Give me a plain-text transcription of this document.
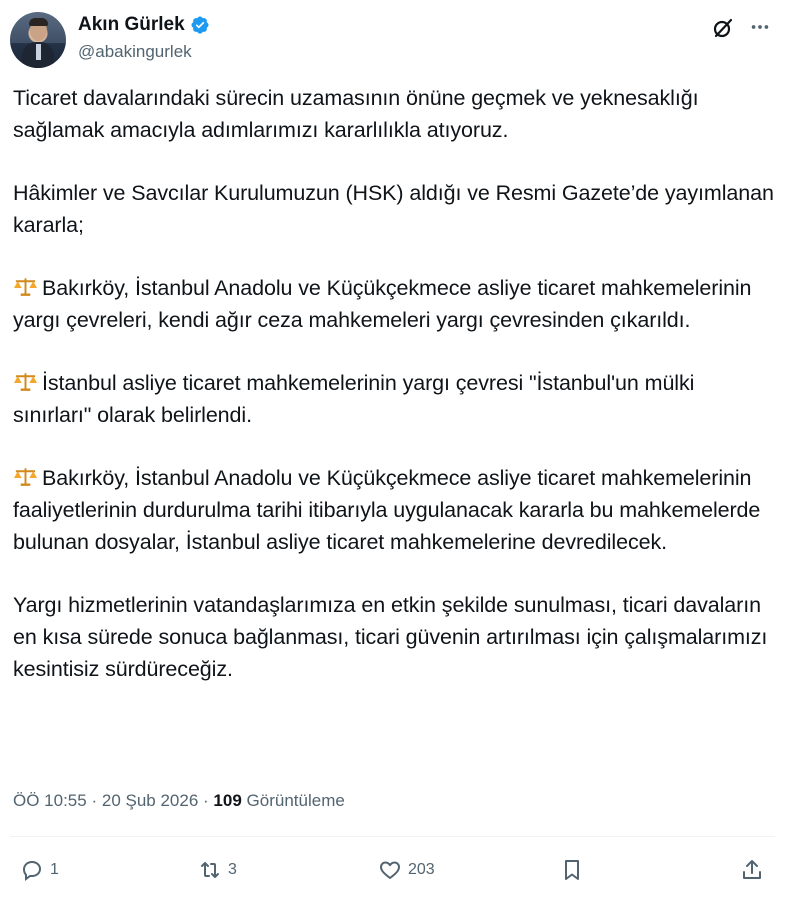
Akın Gürlek
@abakingurlek

Ticaret davalarındaki sürecin uzamasının önüne geçmek ve yeknesaklığı sağlamak amacıyla adımlarımızı kararlılıkla atıyoruz.

Hâkimler ve Savcılar Kurulumuzun (HSK) aldığı ve Resmi Gazete’de yayımlanan kararla;

Bakırköy, İstanbul Anadolu ve Küçükçekmece asliye ticaret mahkemelerinin yargı çevreleri, kendi ağır ceza mahkemeleri yargı çevresinden çıkarıldı.

İstanbul asliye ticaret mahkemelerinin yargı çevresi "İstanbul'un mülki sınırları" olarak belirlendi.

Bakırköy, İstanbul Anadolu ve Küçükçekmece asliye ticaret mahkemelerinin faaliyetlerinin durdurulma tarihi itibarıyla uygulanacak kararla bu mahkemelerde bulunan dosyalar, İstanbul asliye ticaret mahkemelerine devredilecek.

Yargı hizmetlerinin vatandaşlarımıza en etkin şekilde sunulması, ticari davaların en kısa sürede sonuca bağlanması, ticari güvenin artırılması için çalışmalarımızı kesintisiz sürdüreceğiz.

ÖÖ 10:55 · 20 Şub 2026 · 109 Görüntüleme
1	3	203
